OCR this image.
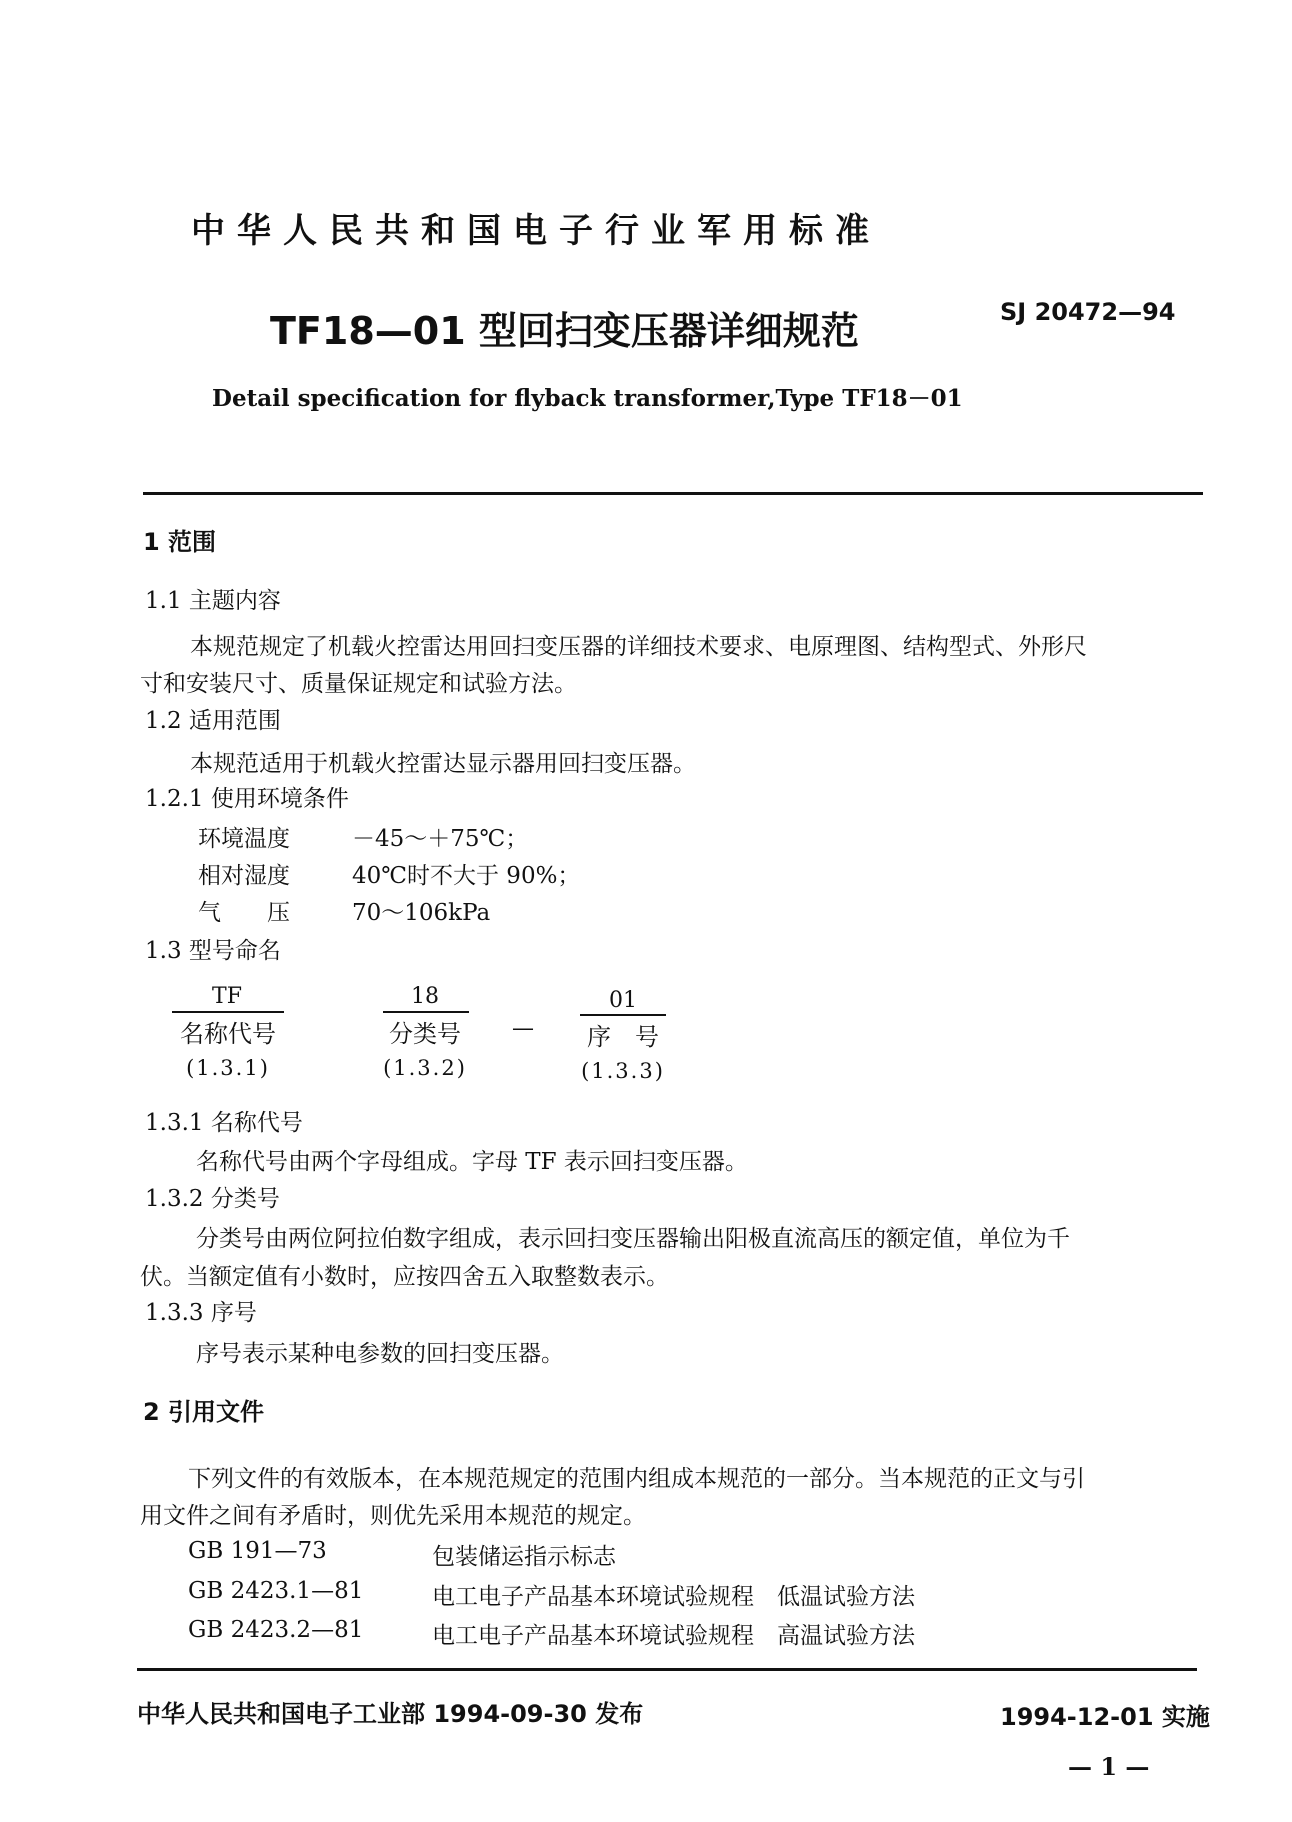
中华人民共和国电子行业军用标准
TF18—01 型回扫变压器详细规范	SJ 20472—94
Detail specification for flyback transformer,Type TF18－01
1 范围
1.1 主题内容
本规范规定了机载火控雷达用回扫变压器的详细技术要求、电原理图、结构型式、外形尺
寸和安装尺寸、质量保证规定和试验方法。
1.2 适用范围
本规范适用于机载火控雷达显示器用回扫变压器。
1.2.1 使用环境条件
环境温度	－45～＋75℃；
相对湿度	40℃时不大于 90%；
气　　压	70～106kPa
1.3 型号命名
TF
名称代号
(1.3.1)
18
分类号
(1.3.2)
—
01
序　号
(1.3.3)
1.3.1 名称代号
名称代号由两个字母组成。字母 TF 表示回扫变压器。
1.3.2 分类号
分类号由两位阿拉伯数字组成，表示回扫变压器输出阳极直流高压的额定值，单位为千
伏。当额定值有小数时，应按四舍五入取整数表示。
1.3.3 序号
序号表示某种电参数的回扫变压器。
2 引用文件
下列文件的有效版本，在本规范规定的范围内组成本规范的一部分。当本规范的正文与引
用文件之间有矛盾时，则优先采用本规范的规定。
GB 191—73	包装储运指示标志
GB 2423.1—81	电工电子产品基本环境试验规程　低温试验方法
GB 2423.2—81	电工电子产品基本环境试验规程　高温试验方法
中华人民共和国电子工业部 1994-09-30 发布	1994-12-01 实施
— 1 —
